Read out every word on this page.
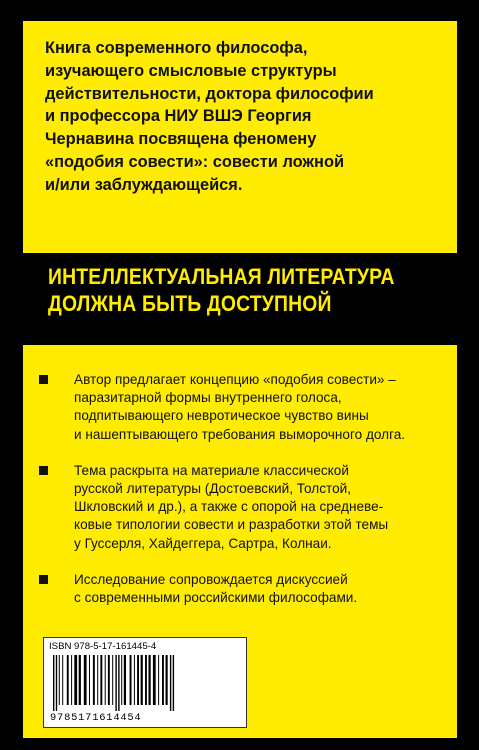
Книга современного философа,
изучающего смысловые структуры
действительности, доктора философии
и профессора НИУ ВШЭ Георгия
Чернавина посвящена феномену
«подобия совести»: совести ложной
и/или заблуждающейся.

ИНТЕЛЛЕКТУАЛЬНАЯ ЛИТЕРАТУРА
ДОЛЖНА БЫТЬ ДОСТУПНОЙ
Автор предлагает концепцию «подобия совести» –
паразитарной формы внутреннего голоса,
подпитывающего невротическое чувство вины
и нашептывающего требования выморочного долга.
Тема раскрыта на материале классической
русской литературы (Достоевский, Толстой,
Шкловский и др.), а также с опорой на средневе-
ковые типологии совести и разработки этой темы
у Гуссерля, Хайдеггера, Сартра, Колнаи.
Исследование сопровождается дискуссией
с современными российскими философами.
ISBN 978-5-17-161445-4
9785171614454
